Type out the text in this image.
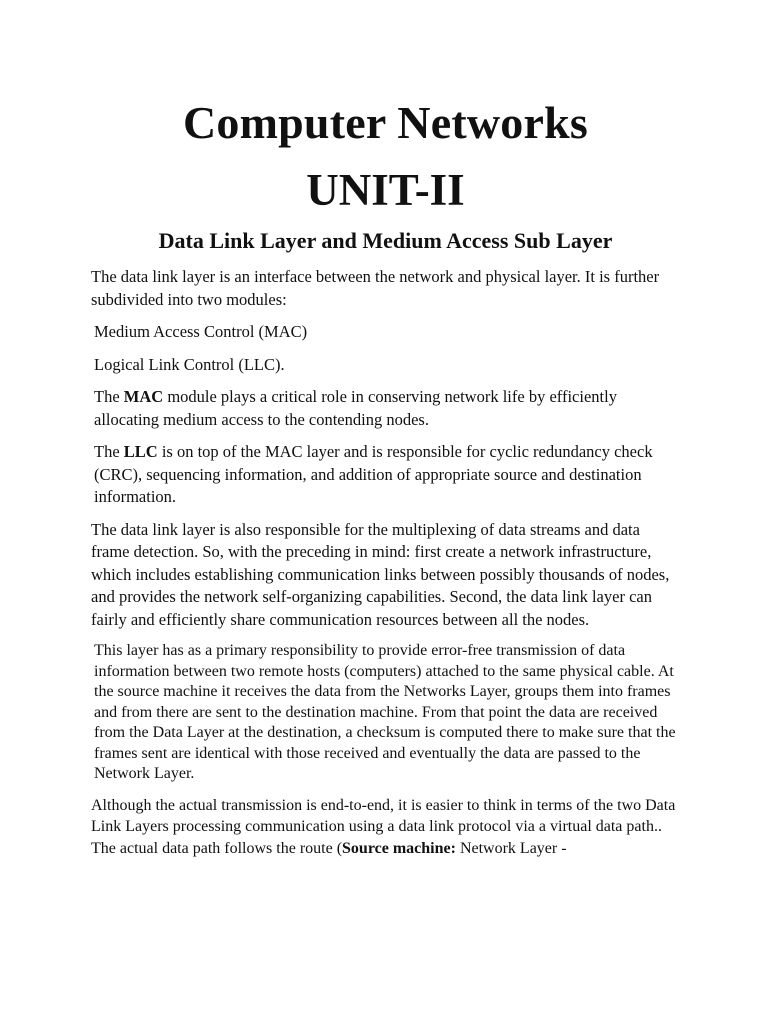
Computer Networks
UNIT-II
Data Link Layer and Medium Access Sub Layer

The data link layer is an interface between the network and physical layer. It is further subdivided into two modules:

Medium Access Control (MAC)

Logical Link Control (LLC).

The MAC module plays a critical role in conserving network life by efficiently allocating medium access to the contending nodes.

The LLC is on top of the MAC layer and is responsible for cyclic redundancy check (CRC), sequencing information, and addition of appropriate source and destination information.

The data link layer is also responsible for the multiplexing of data streams and data frame detection. So, with the preceding in mind: first create a network infrastructure, which includes establishing communication links between possibly thousands of nodes, and provides the network self-organizing capabilities. Second, the data link layer can fairly and efficiently share communication resources between all the nodes.

This layer has as a primary responsibility to provide error-free transmission of data information between two remote hosts (computers) attached to the same physical cable. At the source machine it receives the data from the Networks Layer, groups them into frames and from there are sent to the destination machine. From that point the data are received from the Data Layer at the destination, a checksum is computed there to make sure that the frames sent are identical with those received and eventually the data are passed to the Network Layer.

Although the actual transmission is end-to-end, it is easier to think in terms of the two Data Link Layers processing communication using a data link protocol via a virtual data path.. The actual data path follows the route (Source machine: Network Layer -
